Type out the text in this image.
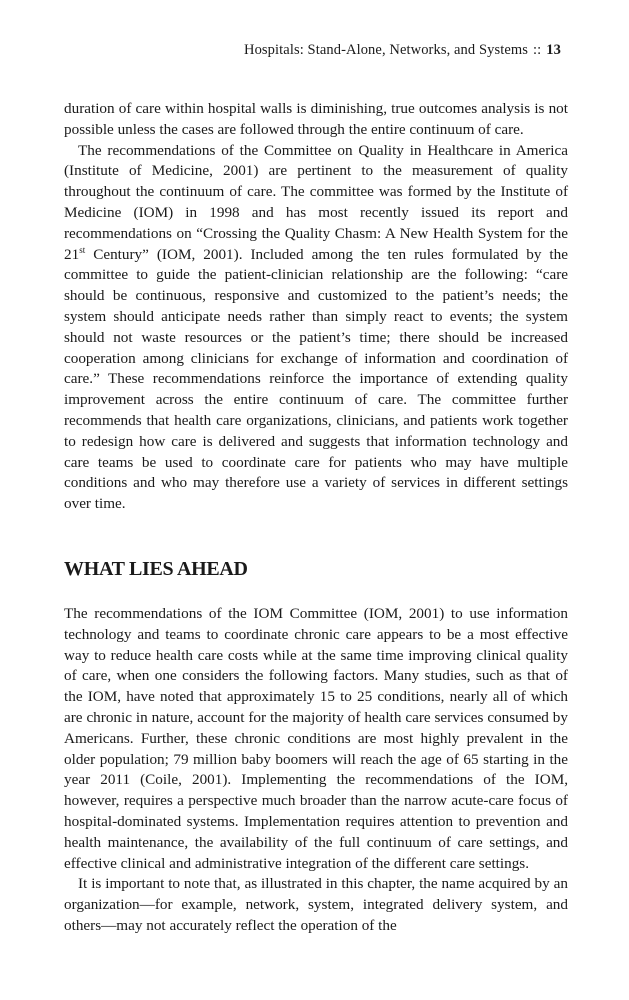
Hospitals: Stand-Alone, Networks, and Systems :: 13

duration of care within hospital walls is diminishing, true outcomes analysis is not possible unless the cases are followed through the entire continuum of care.

The recommendations of the Committee on Quality in Healthcare in America (Institute of Medicine, 2001) are pertinent to the measurement of quality throughout the continuum of care. The committee was formed by the Institute of Medicine (IOM) in 1998 and has most recently issued its report and recommendations on “Crossing the Quality Chasm: A New Health System for the 21st Century” (IOM, 2001). Included among the ten rules formulated by the committee to guide the patient-clinician relationship are the following: “care should be continuous, responsive and customized to the patient’s needs; the system should anticipate needs rather than simply react to events; the system should not waste resources or the patient’s time; there should be increased cooperation among clinicians for exchange of information and coordination of care.” These recommendations reinforce the importance of extending quality improvement across the entire continuum of care. The committee further recommends that health care organizations, clinicians, and patients work together to redesign how care is delivered and suggests that information technology and care teams be used to coordinate care for patients who may have multiple conditions and who may therefore use a variety of services in different settings over time.

WHAT LIES AHEAD

The recommendations of the IOM Committee (IOM, 2001) to use information technology and teams to coordinate chronic care appears to be a most effective way to reduce health care costs while at the same time improving clinical quality of care, when one considers the following factors. Many studies, such as that of the IOM, have noted that approximately 15 to 25 conditions, nearly all of which are chronic in nature, account for the majority of health care services consumed by Americans. Further, these chronic conditions are most highly prevalent in the older population; 79 million baby boomers will reach the age of 65 starting in the year 2011 (Coile, 2001). Implementing the recommendations of the IOM, however, requires a perspective much broader than the narrow acute-care focus of hospital-dominated systems. Implementation requires attention to prevention and health maintenance, the availability of the full continuum of care settings, and effective clinical and administrative integration of the different care settings.

It is important to note that, as illustrated in this chapter, the name acquired by an organization—for example, network, system, integrated delivery system, and others—may not accurately reflect the operation of the
